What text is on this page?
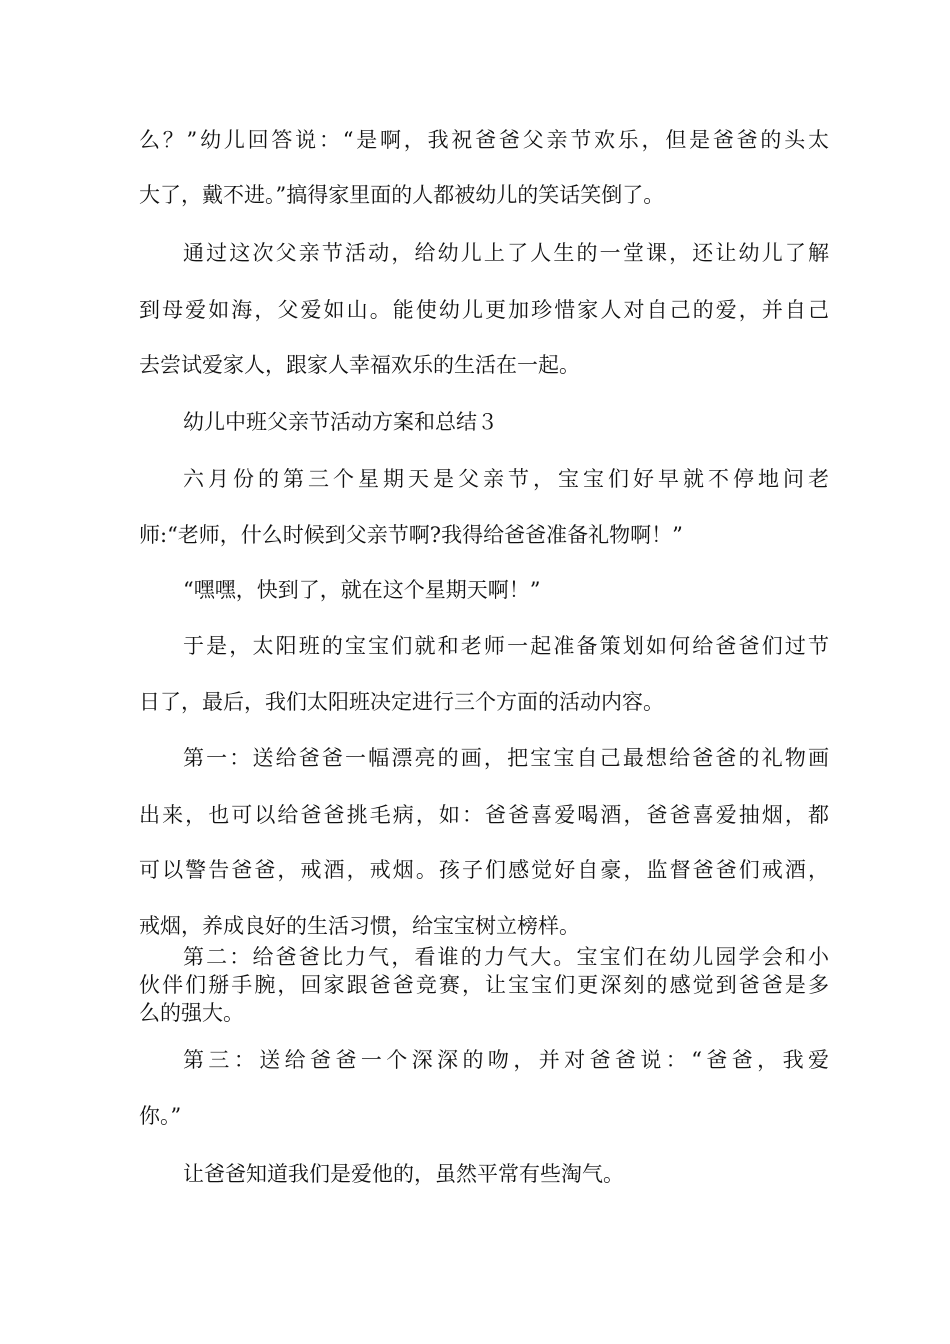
么？”幼儿回答说：“是啊，我祝爸爸父亲节欢乐，但是爸爸的头太
大了，戴不进。”搞得家里面的人都被幼儿的笑话笑倒了。
通过这次父亲节活动，给幼儿上了人生的一堂课，还让幼儿了解
到母爱如海，父爱如山。能使幼儿更加珍惜家人对自己的爱，并自己
去尝试爱家人，跟家人幸福欢乐的生活在一起。
幼儿中班父亲节活动方案和总结３
六月份的第三个星期天是父亲节，宝宝们好早就不停地问老
师:“老师，什么时候到父亲节啊?我得给爸爸准备礼物啊！”
“嘿嘿，快到了，就在这个星期天啊！”
于是，太阳班的宝宝们就和老师一起准备策划如何给爸爸们过节
日了，最后，我们太阳班决定进行三个方面的活动内容。
第一：送给爸爸一幅漂亮的画，把宝宝自己最想给爸爸的礼物画
出来，也可以给爸爸挑毛病，如：爸爸喜爱喝酒，爸爸喜爱抽烟，都
可以警告爸爸，戒酒，戒烟。孩子们感觉好自豪，监督爸爸们戒酒，
戒烟，养成良好的生活习惯，给宝宝树立榜样。
第二：给爸爸比力气，看谁的力气大。宝宝们在幼儿园学会和小
伙伴们掰手腕，回家跟爸爸竞赛，让宝宝们更深刻的感觉到爸爸是多
么的强大。
第三：送给爸爸一个深深的吻，并对爸爸说：“爸爸，我爱
你。”
让爸爸知道我们是爱他的，虽然平常有些淘气。
